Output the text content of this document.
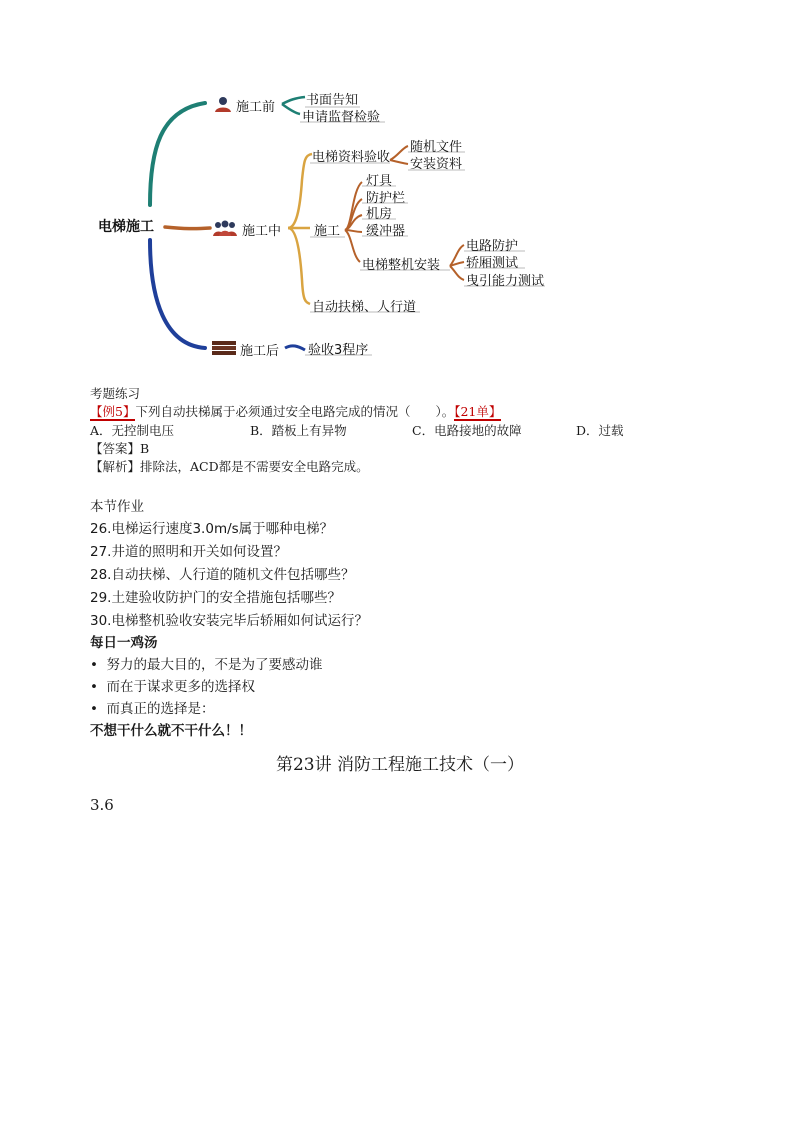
电梯施工
施工前 书面告知
申请监督检验
施工中
电梯资料验收
随机文件
安装资料
施工
灯具
防护栏
机房
缓冲器
电梯整机安装
电路防护
轿厢测试
曳引能力测试
自动扶梯、人行道
施工后 验收3程序
考题练习
【例5】下列自动扶梯属于必须通过安全电路完成的情况（　　）。【21单】
A．无控制电压	B．踏板上有异物	C．电路接地的故障	D．过载
【答案】B
【解析】排除法，ACD都是不需要安全电路完成。
本节作业
26.电梯运行速度3.0m/s属于哪种电梯？
27.井道的照明和开关如何设置？
28.自动扶梯、人行道的随机文件包括哪些？
29.土建验收防护门的安全措施包括哪些？
30.电梯整机验收安装完毕后轿厢如何试运行？
每日一鸡汤
•  努力的最大目的，不是为了要感动谁
•  而在于谋求更多的选择权
•  而真正的选择是：
不想干什么就不干什么！！
第23讲 消防工程施工技术（一）
3.6
